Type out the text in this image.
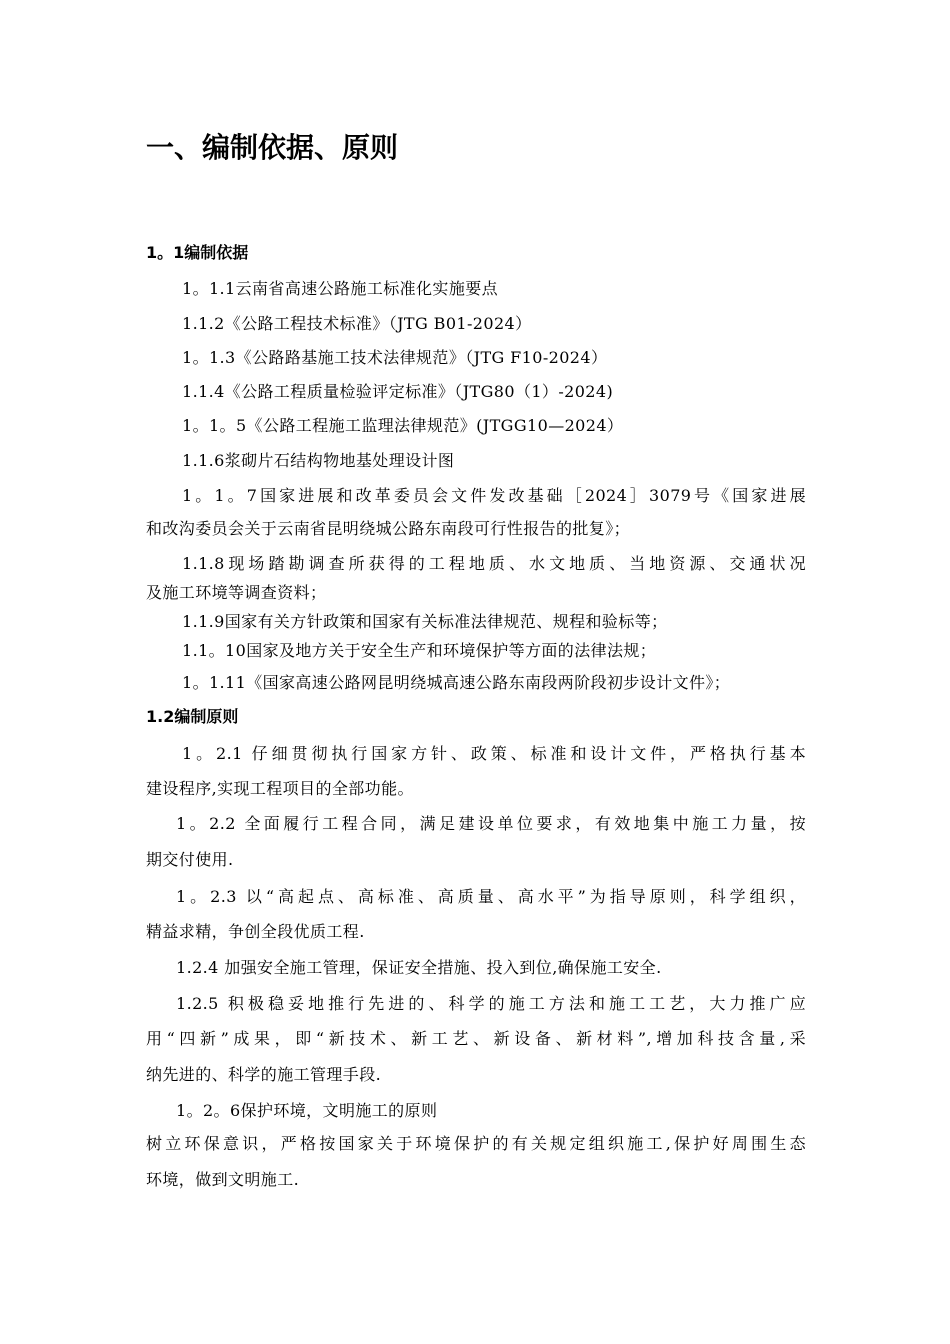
一、编制依据、原则
1。1编制依据
1。1.1云南省高速公路施工标准化实施要点
1.1.2《公路工程技术标准》（JTG B01-2024）
1。1.3《公路路基施工技术法律规范》（JTG F10-2024）
1.1.4《公路工程质量检验评定标准》（JTG80（1）-2024)
1。1。5《公路工程施工监理法律规范》(JTGG10—2024）
1.1.6浆砌片石结构物地基处理设计图
1。1。7国家进展和改革委员会文件发改基础［2024］3079号《国家进展
和改沟委员会关于云南省昆明绕城公路东南段可行性报告的批复》；
1.1.8现场踏勘调查所获得的工程地质、水文地质、当地资源、交通状况
及施工环境等调查资料；
1.1.9国家有关方针政策和国家有关标准法律规范、规程和验标等；
1.1。10国家及地方关于安全生产和环境保护等方面的法律法规；
1。1.11《国家高速公路网昆明绕城高速公路东南段两阶段初步设计文件》；
1.2编制原则
1。2.1 仔细贯彻执行国家方针、政策、标准和设计文件，严格执行基本
建设程序,实现工程项目的全部功能。
1。2.2 全面履行工程合同，满足建设单位要求，有效地集中施工力量，按
期交付使用.
1。2.3 以“高起点、高标准、高质量、高水平”为指导原则，科学组织，
精益求精，争创全段优质工程.
1.2.4 加强安全施工管理，保证安全措施、投入到位,确保施工安全.
1.2.5 积极稳妥地推行先进的、科学的施工方法和施工工艺，大力推广应
用“四新”成果，即“新技术、新工艺、新设备、新材料”,增加科技含量,采
纳先进的、科学的施工管理手段.
1。2。6保护环境，文明施工的原则
树立环保意识，严格按国家关于环境保护的有关规定组织施工,保护好周围生态
环境，做到文明施工.
